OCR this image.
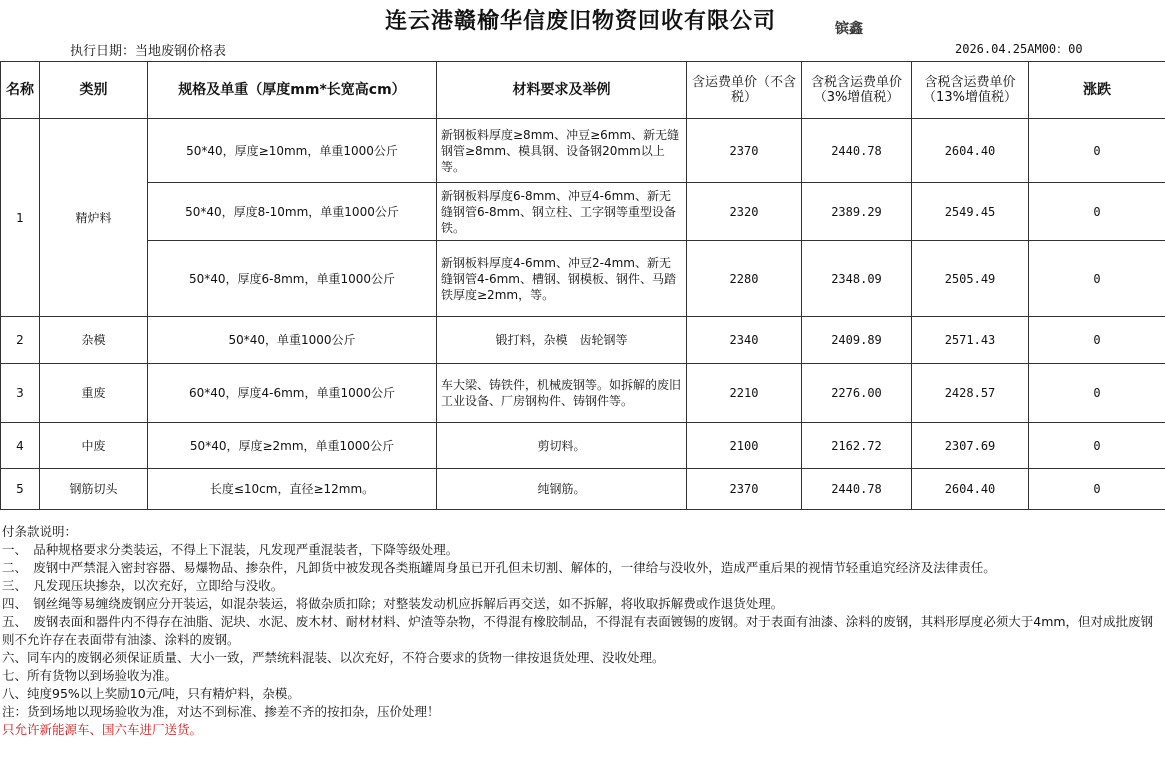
连云港赣榆华信废旧物资回收有限公司	镔鑫
执行日期：当地废钢价格表	2026.04.25AM00：00
名称	类别	规格及单重（厚度mm*长宽高cm）	材料要求及举例	含运费单价（不含税）	含税含运费单价（3%增值税）	含税含运费单价（13%增值税）	涨跌
1	精炉料	50*40，厚度≥10mm，单重1000公斤	新钢板料厚度≥8mm、冲豆≥6mm、新无缝钢管≥8mm、模具钢、设备钢20mm以上等。	2370	2440.78	2604.40	0
		50*40，厚度8-10mm，单重1000公斤	新钢板料厚度6-8mm、冲豆4-6mm、新无缝钢管6-8mm、钢立柱、工字钢等重型设备铁。	2320	2389.29	2549.45	0
		50*40，厚度6-8mm，单重1000公斤	新钢板料厚度4-6mm、冲豆2-4mm、新无缝钢管4-6mm、槽钢、钢模板、钢件、马踏铁厚度≥2mm，等。	2280	2348.09	2505.49	0
2	杂模	50*40，单重1000公斤	锻打料，杂模　齿轮钢等	2340	2409.89	2571.43	0
3	重废	60*40，厚度4-6mm，单重1000公斤	车大梁、铸铁件，机械废钢等。如拆解的废旧工业设备、厂房钢构件、铸钢件等。	2210	2276.00	2428.57	0
4	中废	50*40，厚度≥2mm，单重1000公斤	剪切料。	2100	2162.72	2307.69	0
5	钢筋切头	长度≤10cm，直径≥12mm。	纯钢筋。	2370	2440.78	2604.40	0
付条款说明：
一、　品种规格要求分类装运，不得上下混装，凡发现严重混装者，下降等级处理。
二、　废钢中严禁混入密封容器、易爆物品、掺杂件，凡卸货中被发现各类瓶罐周身虽已开孔但未切割、解体的，一律给与没收外，造成严重后果的视情节轻重追究经济及法律责任。
三、　凡发现压块掺杂，以次充好，立即给与没收。
四、　钢丝绳等易缠绕废钢应分开装运，如混杂装运，将做杂质扣除；对整装发动机应拆解后再交送，如不拆解，将收取拆解费或作退货处理。
五、　废钢表面和器件内不得存在油脂、泥块、水泥、废木材、耐材材料、炉渣等杂物，不得混有橡胶制品，不得混有表面镀锡的废钢。对于表面有油漆、涂料的废钢，其料形厚度必须大于4mm，但对成批废钢则不允许存在表面带有油漆、涂料的废钢。
六、同车内的废钢必须保证质量、大小一致，严禁统料混装、以次充好，不符合要求的货物一律按退货处理、没收处理。
七、所有货物以到场验收为准。
八、纯度95%以上奖励10元/吨，只有精炉料，杂模。
注：货到场地以现场验收为准，对达不到标准、掺差不齐的按扣杂，压价处理！
只允许新能源车、国六车进厂送货。
